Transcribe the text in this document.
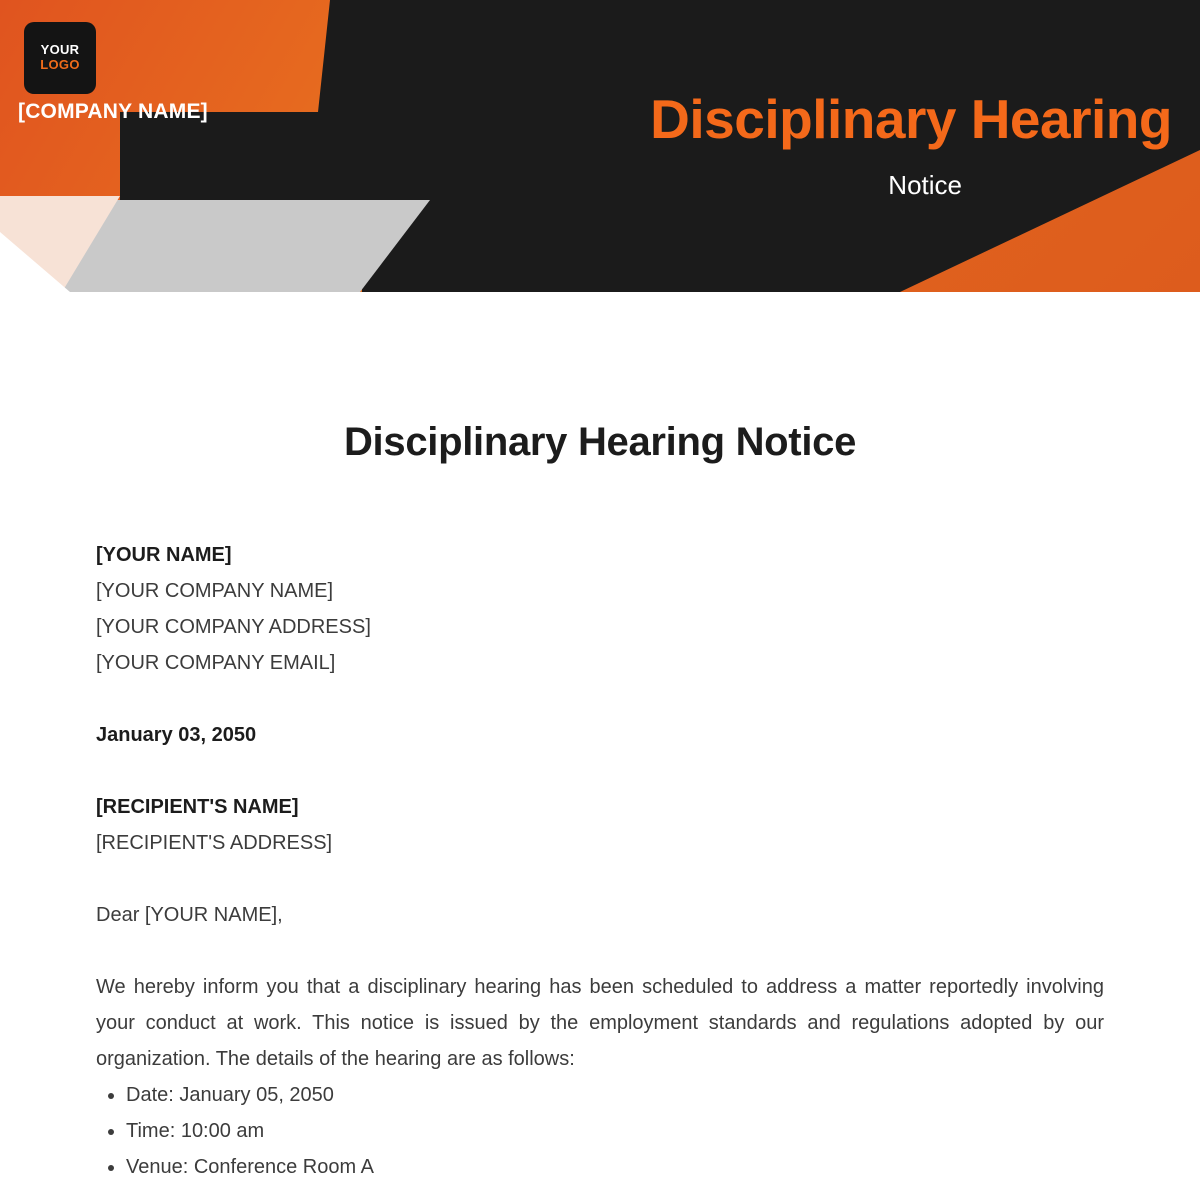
YOUR
LOGO
[COMPANY NAME]	Disciplinary Hearing
Notice
Disciplinary Hearing Notice
[YOUR NAME]
[YOUR COMPANY NAME]
[YOUR COMPANY ADDRESS]
[YOUR COMPANY EMAIL]
January 03, 2050
[RECIPIENT'S NAME]
[RECIPIENT'S ADDRESS]
Dear [YOUR NAME],
We hereby inform you that a disciplinary hearing has been scheduled to address a matter reportedly involving your conduct at work. This notice is issued by the employment standards and regulations adopted by our organization. The details of the hearing are as follows:
• Date: January 05, 2050
• Time: 10:00 am
• Venue: Conference Room A
